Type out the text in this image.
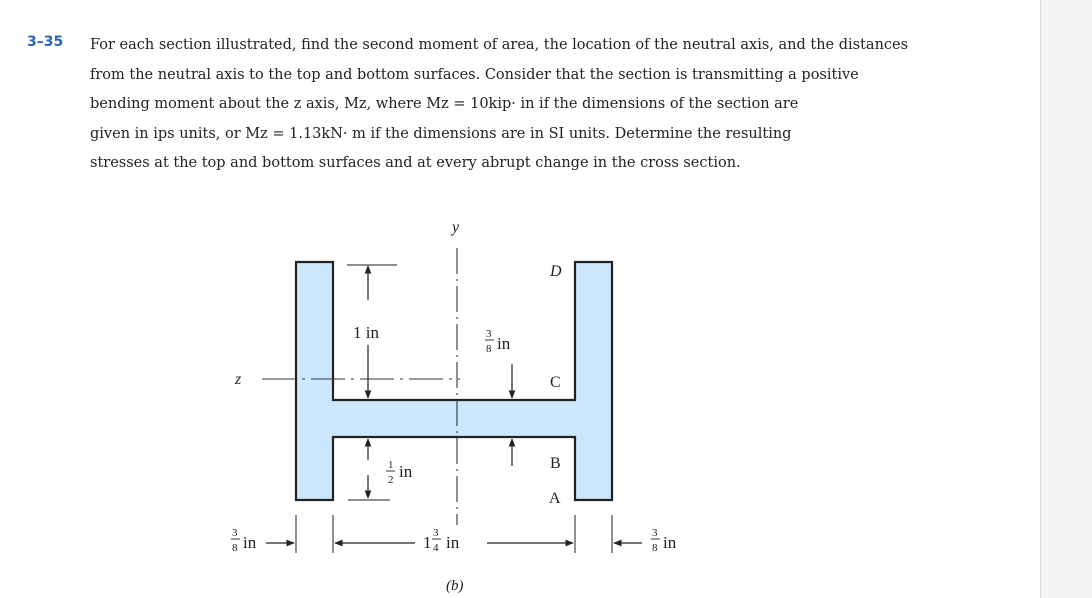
3–35 For each section illustrated, find the second moment of area, the location of the neutral axis, and the distances
from the neutral axis to the top and bottom surfaces. Consider that the section is transmitting a positive
bending moment about the z axis, Mz, where Mz = 10kip· in if the dimensions of the section are
given in ips units, or Mz = 1.13kN· m if the dimensions are in SI units. Determine the resulting
stresses at the top and bottom surfaces and at every abrupt change in the cross section.

y
z
D
C
B
A
1 in	3
8 in
1
2 in
3
8 in	1 3
4 in	3
8 in
(b)
